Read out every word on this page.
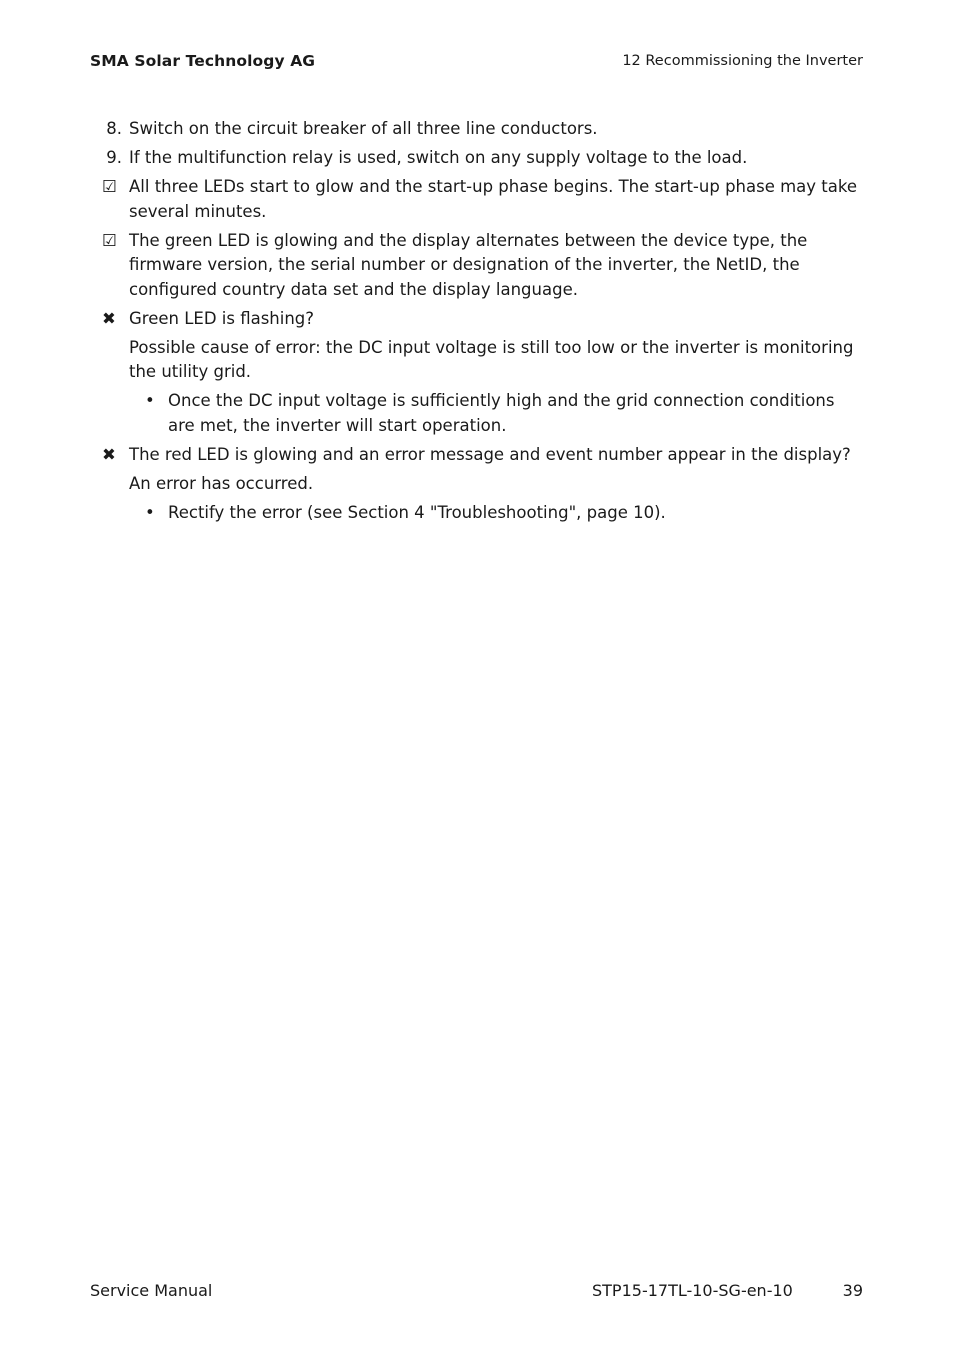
SMA Solar Technology AG	12 Recommissioning the Inverter
8. Switch on the circuit breaker of all three line conductors.
9. If the multifunction relay is used, switch on any supply voltage to the load.
☑ All three LEDs start to glow and the start-up phase begins. The start-up phase may take several minutes.
☑ The green LED is glowing and the display alternates between the device type, the firmware version, the serial number or designation of the inverter, the NetID, the configured country data set and the display language.
✖ Green LED is flashing?
Possible cause of error: the DC input voltage is still too low or the inverter is monitoring the utility grid.
• Once the DC input voltage is sufficiently high and the grid connection conditions are met, the inverter will start operation.
✖ The red LED is glowing and an error message and event number appear in the display?
An error has occurred.
• Rectify the error (see Section 4 "Troubleshooting", page 10).
Service Manual	STP15-17TL-10-SG-en-10	39
